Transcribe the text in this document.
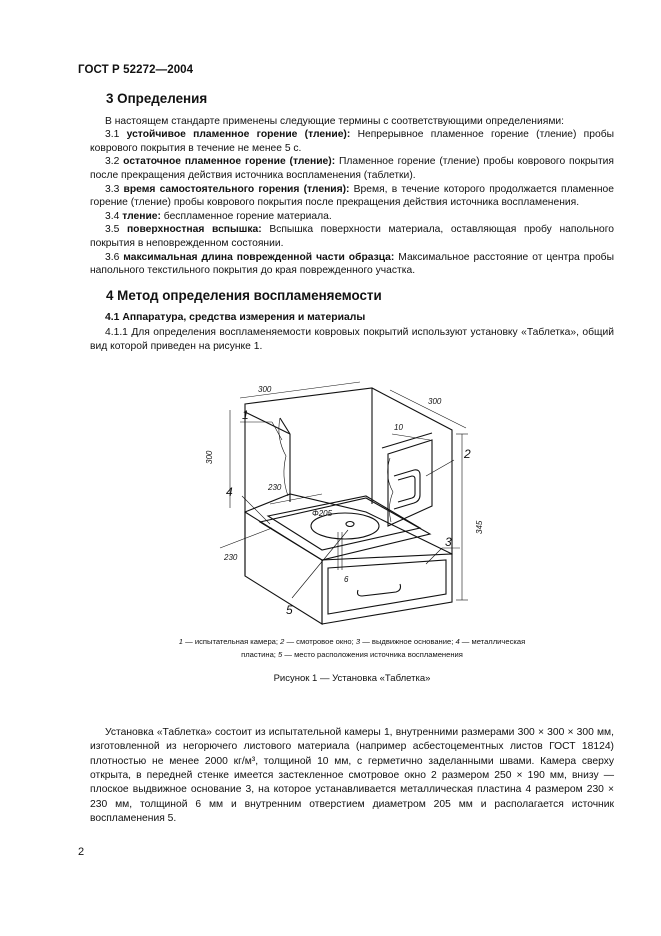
ГОСТ Р 52272—2004
3 Определения

В настоящем стандарте применены следующие термины с соответствующими определениями:

3.1 устойчивое пламенное горение (тление): Непрерывное пламенное горение (тление) пробы коврового покрытия в течение не менее 5 с.

3.2 остаточное пламенное горение (тление): Пламенное горение (тление) пробы коврового покрытия после прекращения действия источника воспламенения (таблетки).

3.3 время самостоятельного горения (тления): Время, в течение которого продолжается пламенное горение (тление) пробы коврового покрытия после прекращения действия источника воспламенения.

3.4 тление: беспламенное горение материала.

3.5 поверхностная вспышка: Вспышка поверхности материала, оставляющая пробу напольного покрытия в неповрежденном состоянии.

3.6 максимальная длина поврежденной части образца: Максимальное расстояние от центра пробы напольного текстильного покрытия до края поврежденного участка.

4 Метод определения воспламеняемости
4.1 Аппаратура, средства измерения и материалы

4.1.1 Для определения воспламеняемости ковровых покрытий используют установку «Таблетка», общий вид которой приведен на рисунке 1.

300
300
10
300
345
230
Φ205
230
6
1
2
3
4
5
1 — испытательная камера; 2 — смотровое окно; 3 — выдвижное основание; 4 — металлическая
пластина; 5 — место расположения источника воспламенения
Рисунок 1 — Установка «Таблетка»

Установка «Таблетка» состоит из испытательной камеры 1, внутренними размерами 300 × 300 × 300 мм, изготовленной из негорючего листового материала (например асбестоцементных листов ГОСТ 18124) плотностью не менее 2000 кг/м³, толщиной 10 мм, с герметично заделанными швами. Камера сверху открыта, в передней стенке имеется застекленное смотровое окно 2 размером 250 × 190 мм, внизу — плоское выдвижное основание 3, на которое устанавливается металлическая пластина 4 размером 230 × 230 мм, толщиной 6 мм и внутренним отверстием диаметром 205 мм и располагается источник воспламенения 5.

2
